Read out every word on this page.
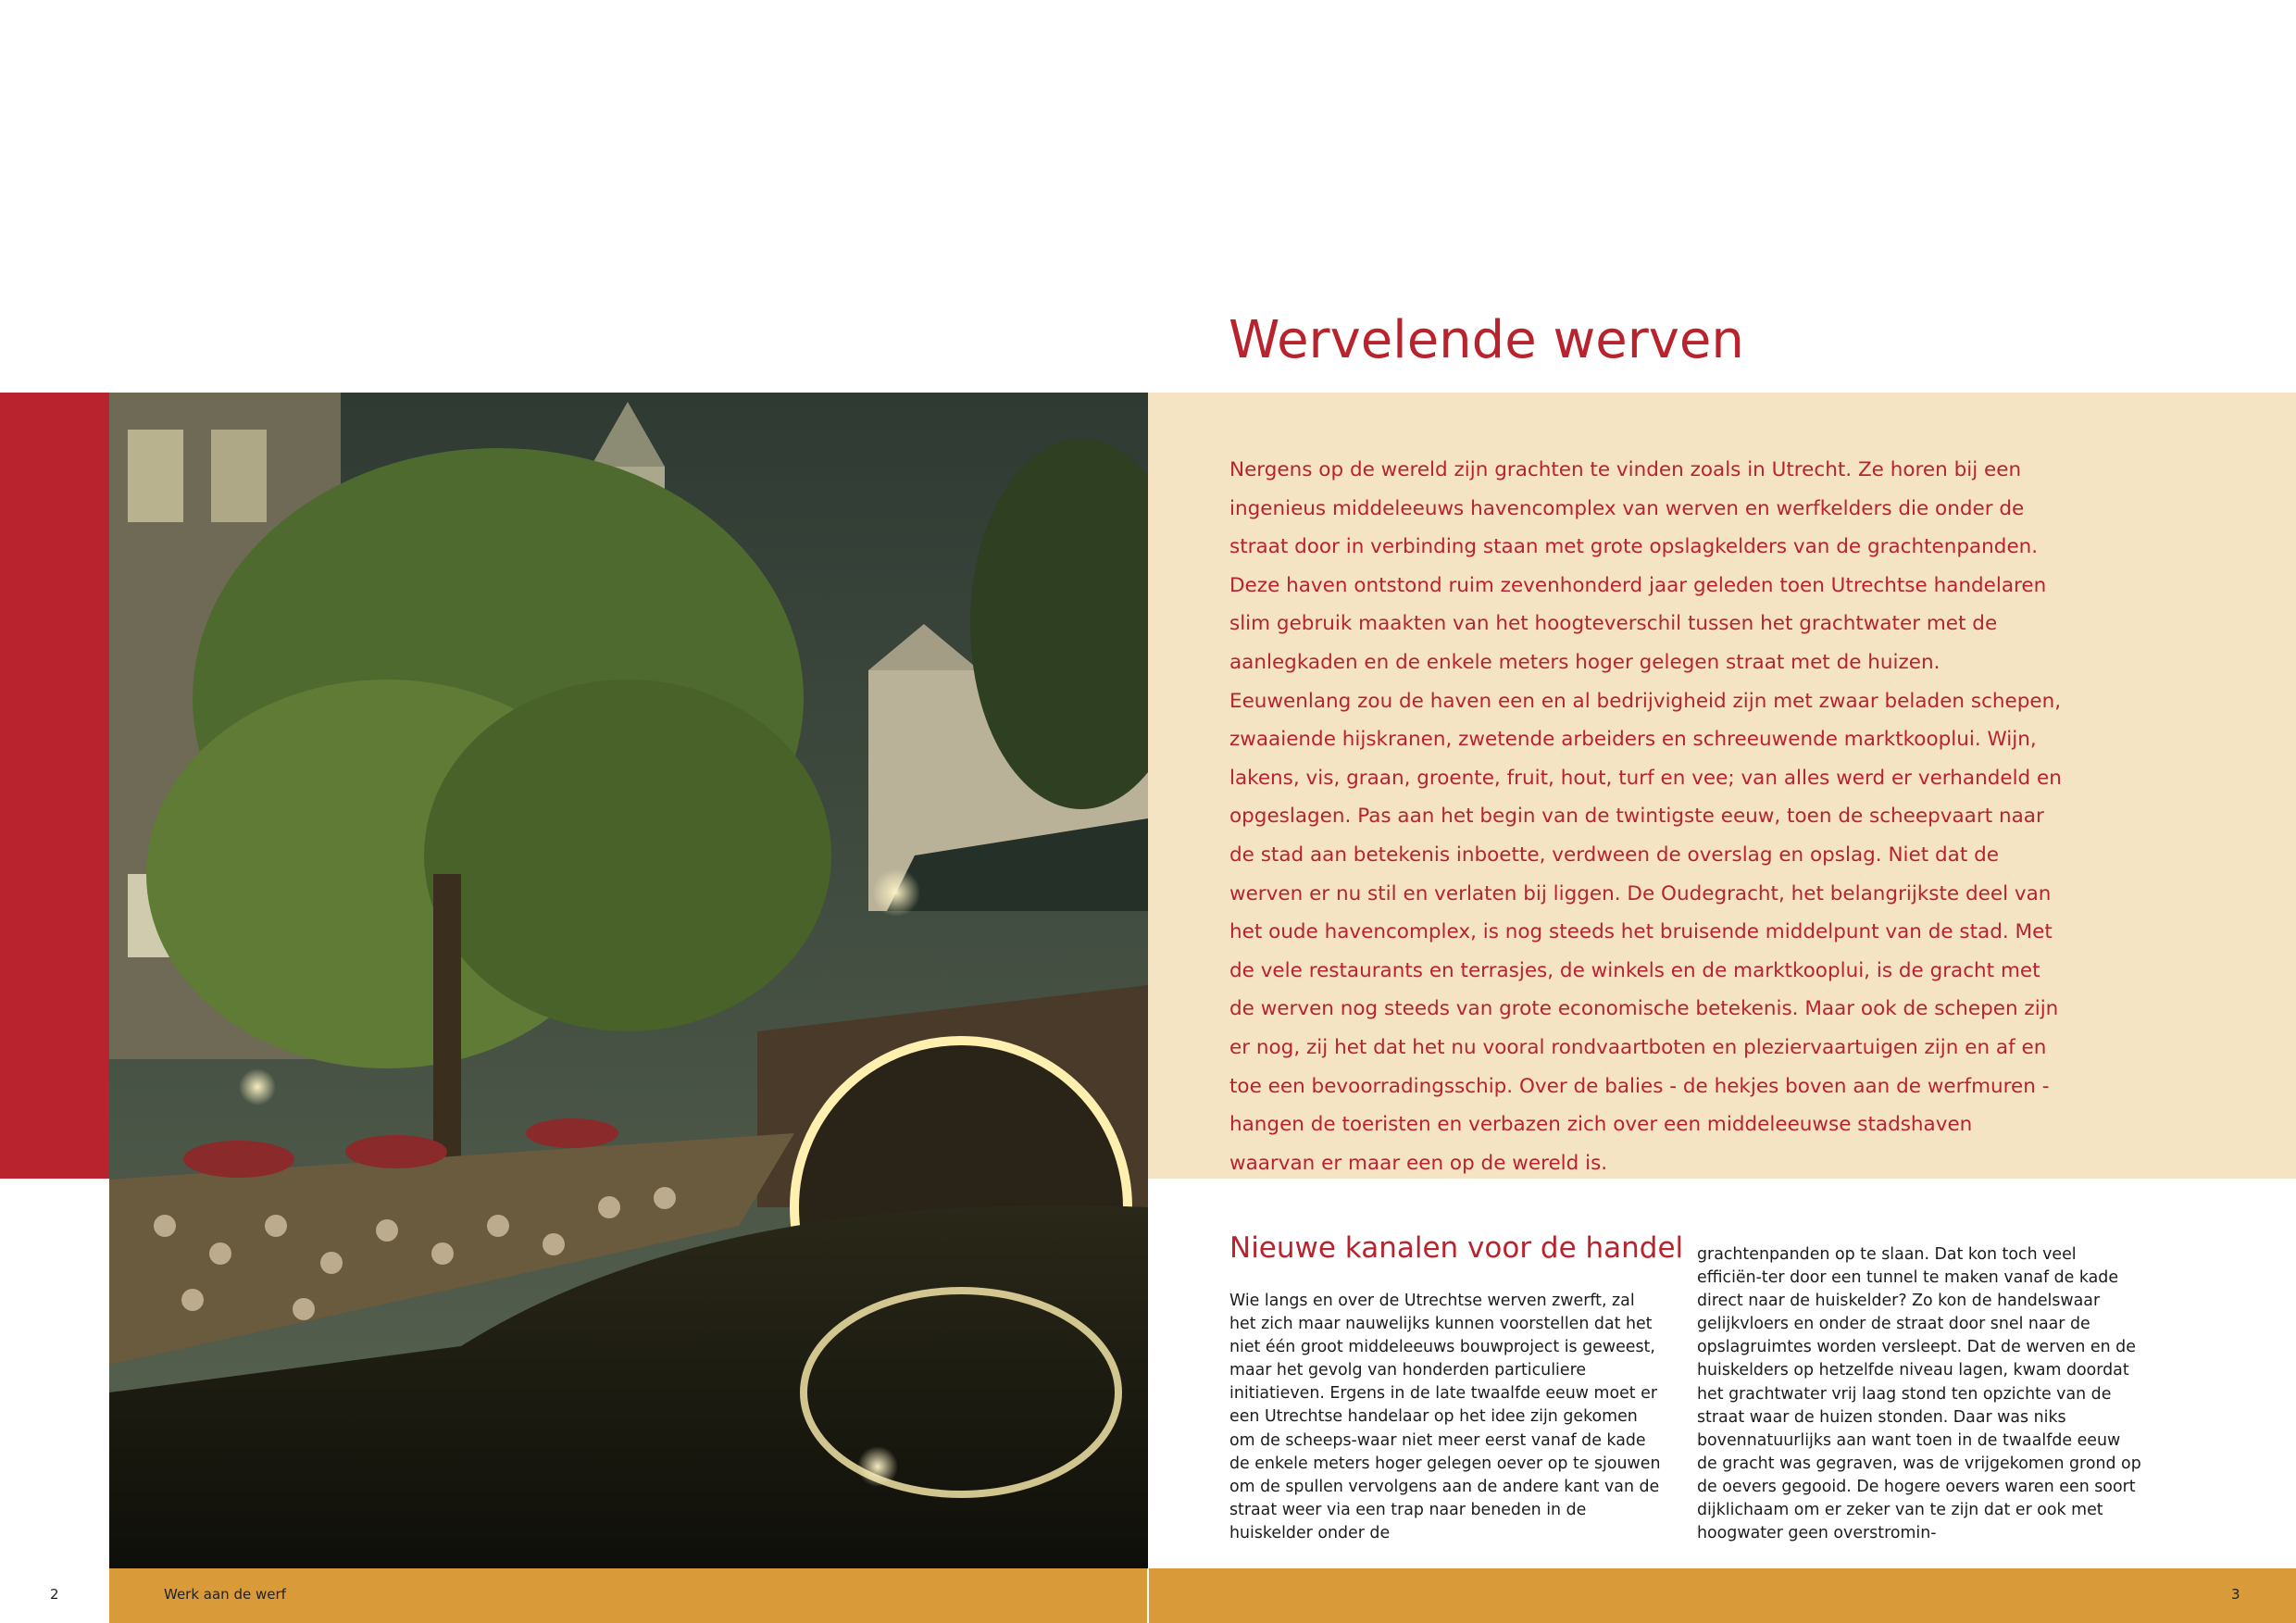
2	Werk aan de werf	3
Wervelende werven

Nergens op de wereld zijn grachten te vinden zoals in Utrecht. Ze horen bij een ingenieus middeleeuws havencomplex van werven en werfkelders die onder de straat door in verbinding staan met grote opslagkelders van de grachtenpanden. Deze haven ontstond ruim zevenhonderd jaar geleden toen Utrechtse handelaren slim gebruik maakten van het hoogteverschil tussen het grachtwater met de aanlegkaden en de enkele meters hoger gelegen straat met de huizen. Eeuwenlang zou de haven een en al bedrijvigheid zijn met zwaar beladen schepen, zwaaiende hijskranen, zwetende arbeiders en schreeuwende marktkooplui. Wijn, lakens, vis, graan, groente, fruit, hout, turf en vee; van alles werd er verhandeld en opgeslagen. Pas aan het begin van de twintigste eeuw, toen de scheepvaart naar de stad aan betekenis inboette, verdween de overslag en opslag. Niet dat de werven er nu stil en verlaten bij liggen. De Oudegracht, het belangrijkste deel van het oude havencomplex, is nog steeds het bruisende middelpunt van de stad. Met de vele restaurants en terrasjes, de winkels en de marktkooplui, is de gracht met de werven nog steeds van grote economische betekenis. Maar ook de schepen zijn er nog, zij het dat het nu vooral rondvaartboten en pleziervaartuigen zijn en af en toe een bevoorradingsschip. Over de balies - de hekjes boven aan de werfmuren - hangen de toeristen en verbazen zich over een middeleeuwse stadshaven waarvan er maar een op de wereld is.

Nieuwe kanalen voor de handel

Wie langs en over de Utrechtse werven zwerft, zal het zich maar nauwelijks kunnen voorstellen dat het niet één groot middeleeuws bouwproject is geweest, maar het gevolg van honderden particuliere initiatieven. Ergens in de late twaalfde eeuw moet er een Utrechtse handelaar op het idee zijn gekomen om de scheeps-waar niet meer eerst vanaf de kade de enkele meters hoger gelegen oever op te sjouwen om de spullen vervolgens aan de andere kant van de straat weer via een trap naar beneden in de huiskelder onder de

grachtenpanden op te slaan. Dat kon toch veel efficiën-ter door een tunnel te maken vanaf de kade direct naar de huiskelder? Zo kon de handelswaar gelijkvloers en onder de straat door snel naar de opslagruimtes worden versleept. Dat de werven en de huiskelders op hetzelfde niveau lagen, kwam doordat het grachtwater vrij laag stond ten opzichte van de straat waar de huizen stonden. Daar was niks bovennatuurlijks aan want toen in de twaalfde eeuw de gracht was gegraven, was de vrijgekomen grond op de oevers gegooid. De hogere oevers waren een soort dijklichaam om er zeker van te zijn dat er ook met hoogwater geen overstromin-
